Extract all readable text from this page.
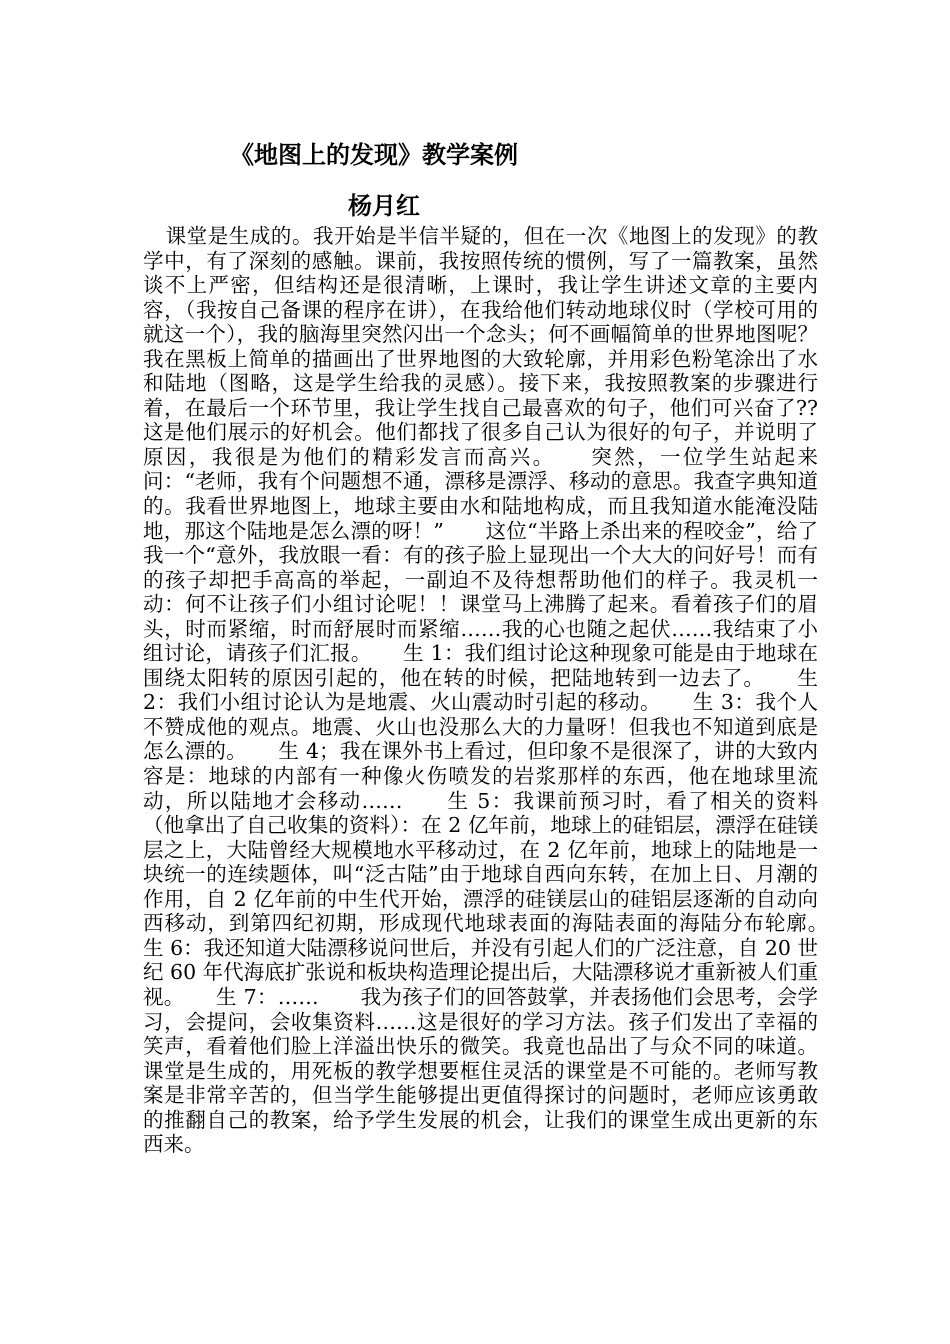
《地图上的发现》教学案例
杨月红

课堂是生成的。我开始是半信半疑的，但在一次《地图上的发现》的教学中，有了深刻的感触。课前，我按照传统的惯例，写了一篇教案，虽然谈不上严密，但结构还是很清晰，上课时，我让学生讲述文章的主要内容，（我按自己备课的程序在讲），在我给他们转动地球仪时（学校可用的就这一个），我的脑海里突然闪出一个念头；何不画幅简单的世界地图呢？我在黑板上简单的描画出了世界地图的大致轮廓，并用彩色粉笔涂出了水和陆地（图略，这是学生给我的灵感）。接下来，我按照教案的步骤进行着，在最后一个环节里，我让学生找自己最喜欢的句子，他们可兴奋了??这是他们展示的好机会。他们都找了很多自己认为很好的句子，并说明了原因，我很是为他们的精彩发言而高兴。　　突然，一位学生站起来问：“老师，我有个问题想不通，漂移是漂浮、移动的意思。我查字典知道的。我看世界地图上，地球主要由水和陆地构成，而且我知道水能淹没陆地，那这个陆地是怎么漂的呀！”　　这位“半路上杀出来的程咬金”，给了我一个“意外，我放眼一看：有的孩子脸上显现出一个大大的问好号！而有的孩子却把手高高的举起，一副迫不及待想帮助他们的样子。我灵机一动：何不让孩子们小组讨论呢！！课堂马上沸腾了起来。看着孩子们的眉头，时而紧缩，时而舒展时而紧缩……我的心也随之起伏……我结束了小组讨论，请孩子们汇报。　　生 1：我们组讨论这种现象可能是由于地球在围绕太阳转的原因引起的，他在转的时候，把陆地转到一边去了。　　生 2：我们小组讨论认为是地震、火山震动时引起的移动。　　生 3：我个人不赞成他的观点。地震、火山也没那么大的力量呀！但我也不知道到底是怎么漂的。　　生 4；我在课外书上看过，但印象不是很深了，讲的大致内容是：地球的内部有一种像火伤喷发的岩浆那样的东西，他在地球里流动，所以陆地才会移动……　　生 5：我课前预习时，看了相关的资料（他拿出了自己收集的资料）：在 2 亿年前，地球上的硅铝层，漂浮在硅镁层之上，大陆曾经大规模地水平移动过，在 2 亿年前，地球上的陆地是一块统一的连续题体，叫“泛古陆”由于地球自西向东转，在加上日、月潮的作用，自 2 亿年前的中生代开始，漂浮的硅镁层山的硅铝层逐渐的自动向西移动，到第四纪初期，形成现代地球表面的海陆表面的海陆分布轮廓。　　生 6：我还知道大陆漂移说问世后，并没有引起人们的广泛注意，自 20 世纪 60 年代海底扩张说和板块构造理论提出后，大陆漂移说才重新被人们重视。　　生 7：……　　我为孩子们的回答鼓掌，并表扬他们会思考，会学习，会提问，会收集资料……这是很好的学习方法。孩子们发出了幸福的笑声，看着他们脸上洋溢出快乐的微笑。我竟也品出了与众不同的味道。课堂是生成的，用死板的教学想要框住灵活的课堂是不可能的。老师写教案是非常辛苦的，但当学生能够提出更值得探讨的问题时，老师应该勇敢的推翻自己的教案，给予学生发展的机会，让我们的课堂生成出更新的东西来。
